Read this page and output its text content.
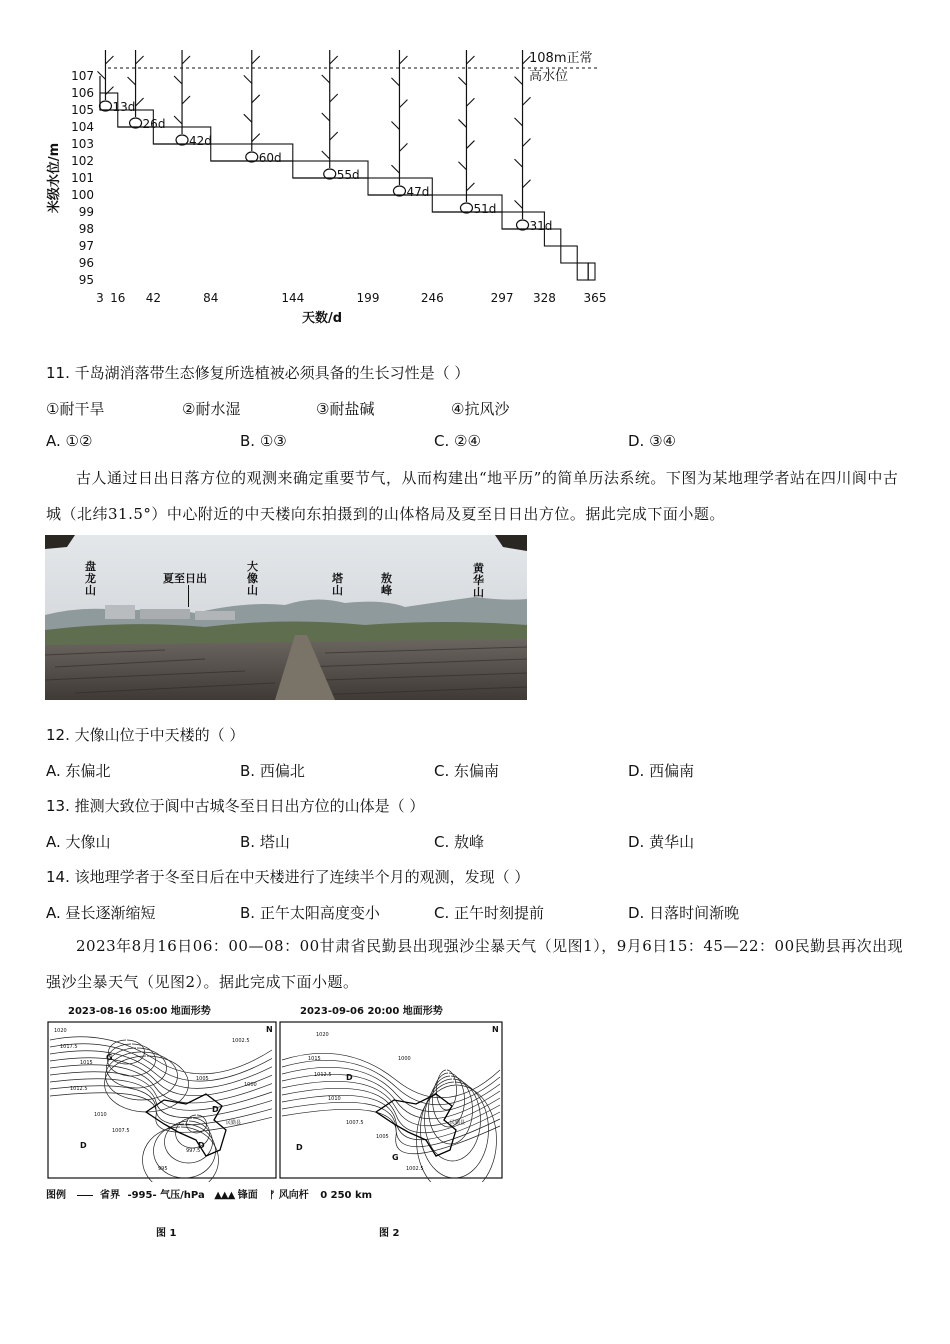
108m正常
高水位
95
96
97
98
99
100
101
102
103
104
105
106
107
3 16 42	84	144	199	246	297 328 365
米级水位/m
天数/d
13d
26d
42d
60d
55d
47d
51d
31d
11. 千岛湖消落带生态修复所选植被必须具备的生长习性是（ ）
①耐干旱	②耐水湿	③耐盐碱	④抗风沙
A. ①②	B. ①③	C. ②④	D. ③④
古人通过日出日落方位的观测来确定重要节气，从而构建出“地平历”的简单历法系统。下图为某地理学者站在四川阆中古城（北纬31.5°）中心附近的中天楼向东拍摄到的山体格局及夏至日日出方位。据此完成下面小题。
盘龙山
夏至日出
大像山
塔山
敖峰
黄华山
12. 大像山位于中天楼的（ ）
A. 东偏北	B. 西偏北	C. 东偏南	D. 西偏南
13. 推测大致位于阆中古城冬至日日出方位的山体是（ ）
A. 大像山	B. 塔山	C. 敖峰	D. 黄华山
14. 该地理学者于冬至日后在中天楼进行了连续半个月的观测，发现（ ）
A. 昼长逐渐缩短	B. 正午太阳高度变小	C. 正午时刻提前	D. 日落时间渐晚
2023年8月16日06：00—08：00甘肃省民勤县出现强沙尘暴天气（见图1），9月6日15：45—22：00民勤县再次出现强沙尘暴天气（见图2）。据此完成下面小题。
2023-08-16 05:00 地面形势	2023-09-06 20:00 地面形势
1020
1017.5
1015
1012.5
1010
1007.5
1005
1002.5
1000
997.5
995
G
D
D
D
N
民勤县
1020
1015
1012.5
1010
1007.5
1005
1002.5
1000
D
D
G
N
民勤县
图例	省界 -995- 气压/hPa ▲▲▲ 锋面 ᚠ 风向杆 0 250 km
图 1	图 2
